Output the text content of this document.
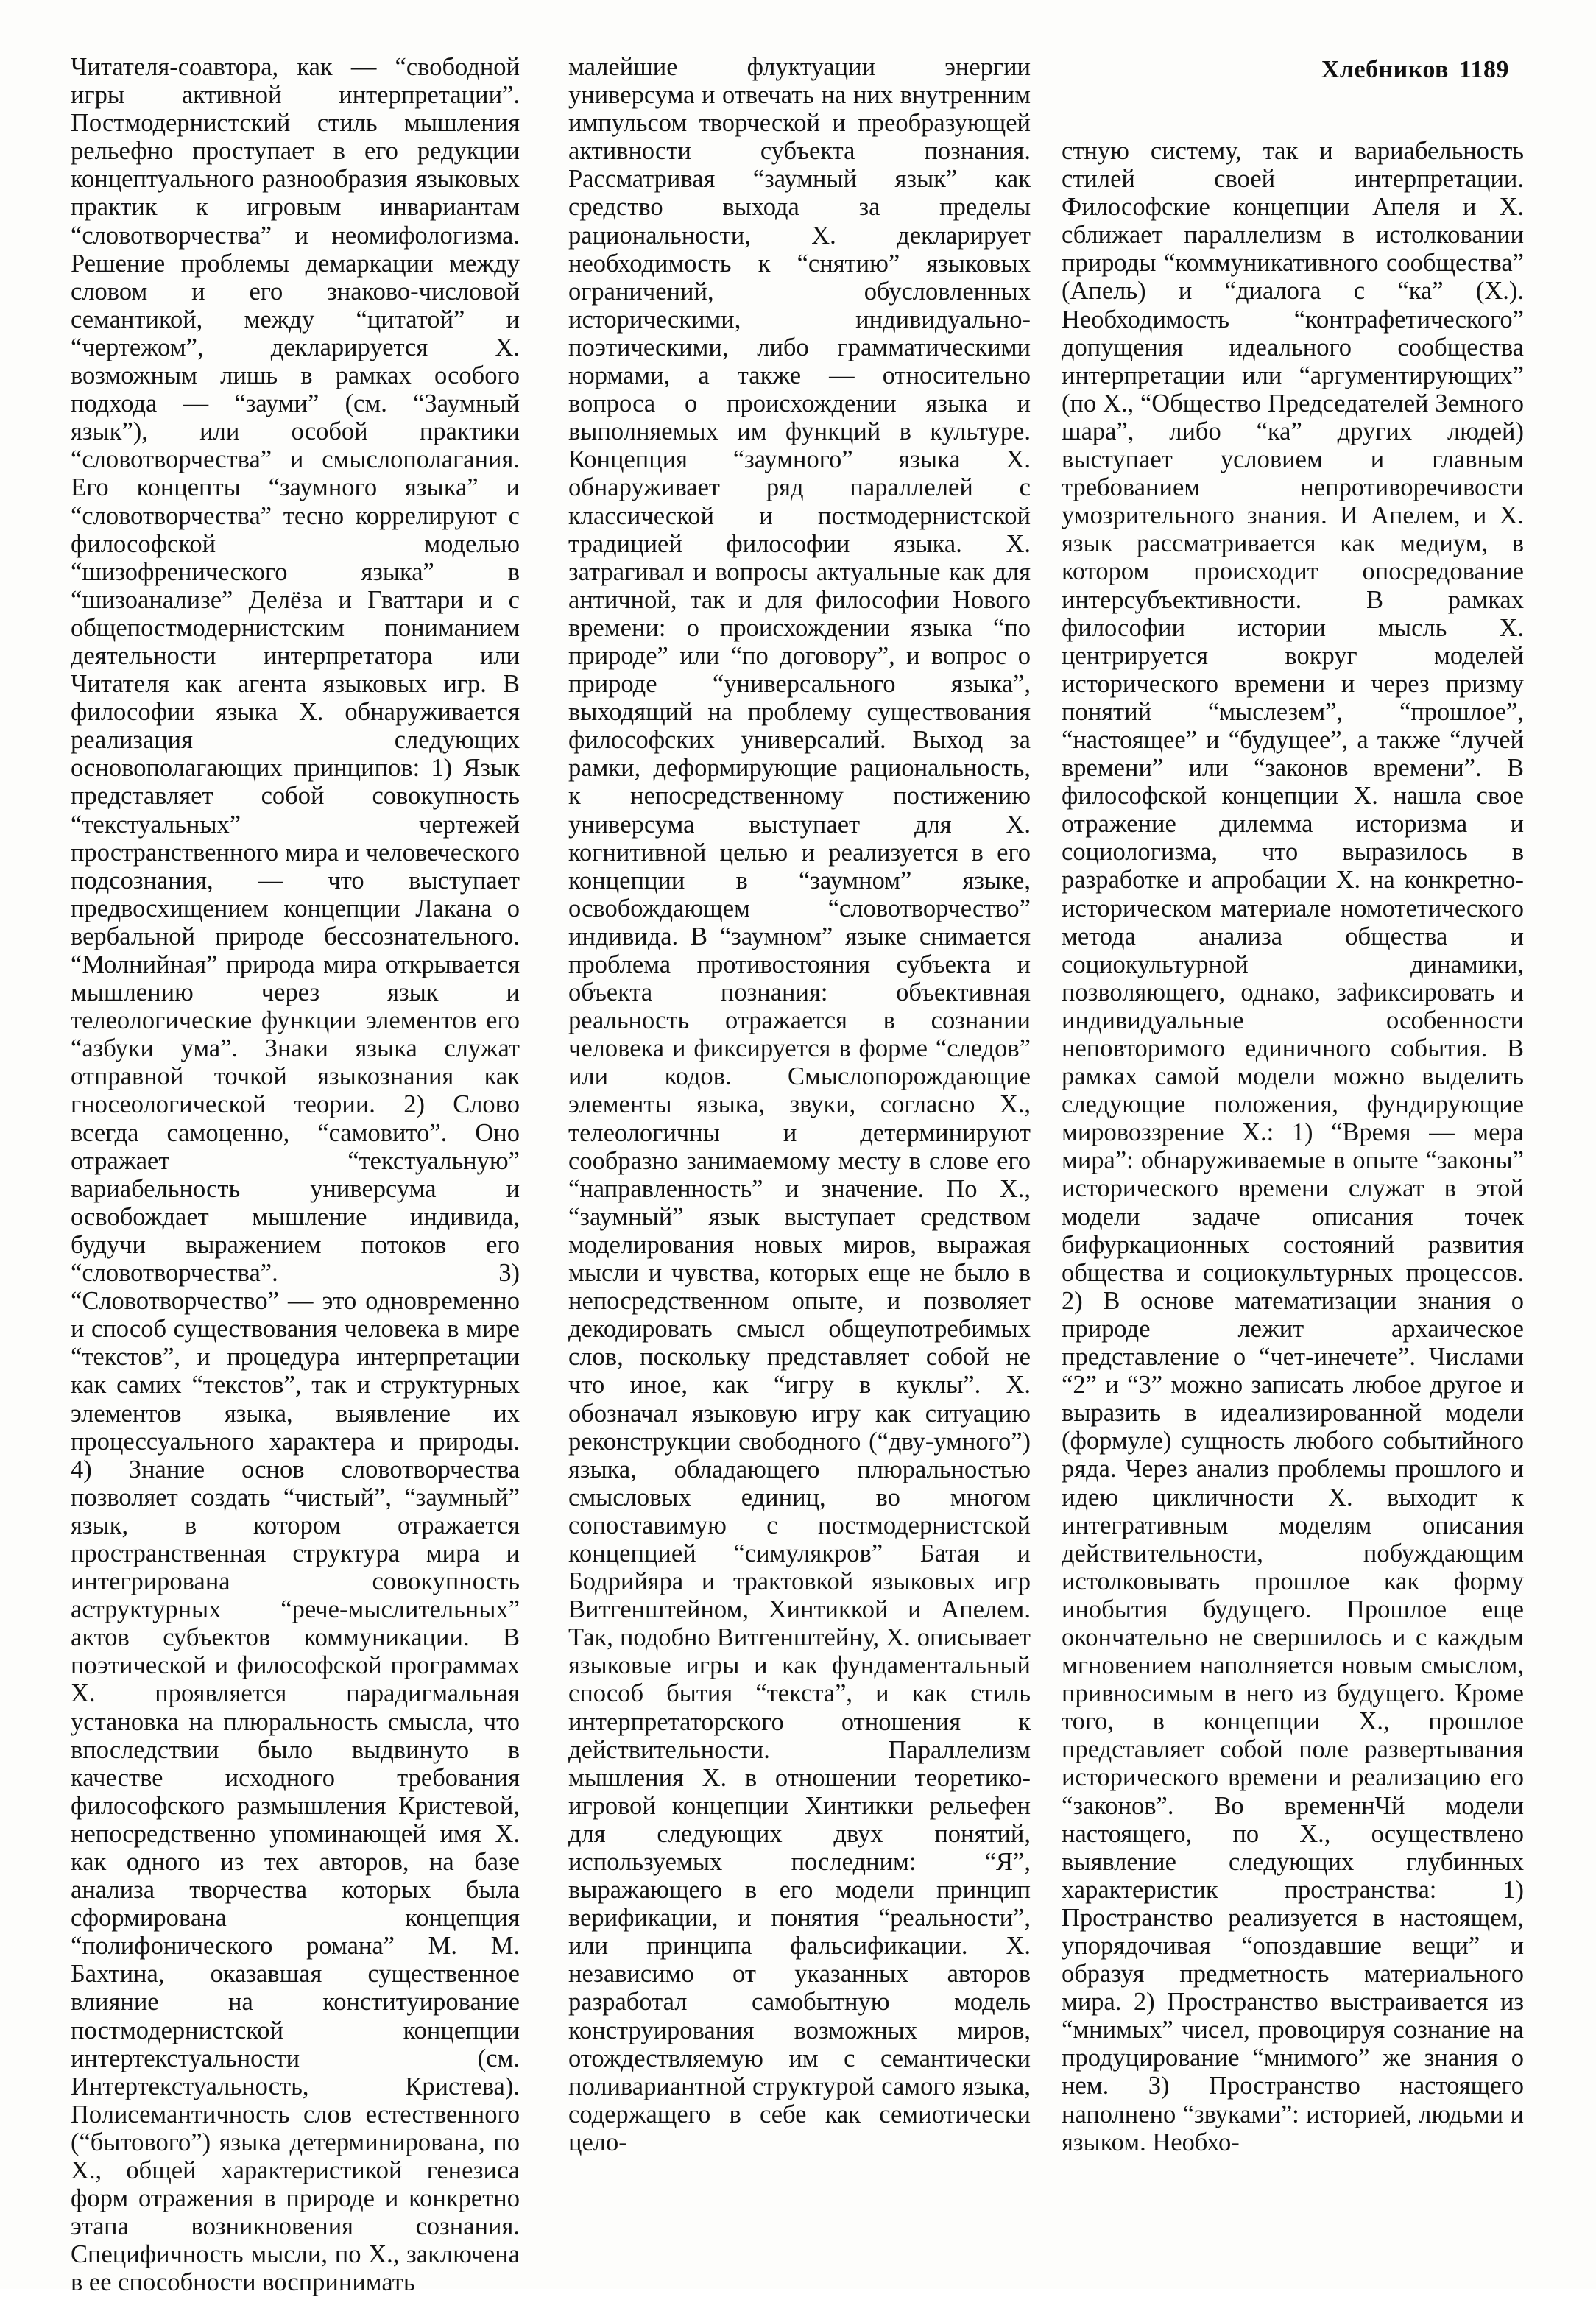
Хлебников 1189

Читателя-соавтора, как — “свободной игры активной интерпретации”. Постмодернистский стиль мышления рельефно проступает в его редукции концептуального разнообразия языковых практик к игровым инвариантам “словотворчества” и неомифологизма. Решение проблемы демаркации между словом и его знаково-числовой семантикой, между “цитатой” и “чертежом”, декларируется Х. возможным лишь в рамках особого подхода — “зауми” (см. “Заумный язык”), или особой практики “словотворчества” и смыслополагания. Его концепты “заумного языка” и “словотворчества” тесно коррелируют с философской моделью “шизофренического языка” в “шизоанализе” Делёза и Гваттари и с общепостмодернистским пониманием деятельности интерпретатора или Читателя как агента языковых игр. В философии языка Х. обнаруживается реализация следующих основополагающих принципов: 1) Язык представляет собой совокупность “текстуальных” чертежей пространственного мира и человеческого подсознания, — что выступает предвосхищением концепции Лакана о вербальной природе бессознательного. “Молнийная” природа мира открывается мышлению через язык и телеологические функции элементов его “азбуки ума”. Знаки языка служат отправной точкой языкознания как гносеологической теории. 2) Слово всегда самоценно, “самовито”. Оно отражает “текстуальную” вариабельность универсума и освобождает мышление индивида, будучи выражением потоков его “словотворчества”. 3) “Словотворчество” — это одновременно и способ существования человека в мире “текстов”, и процедура интерпретации как самих “текстов”, так и структурных элементов языка, выявление их процессуального характера и природы. 4) Знание основ словотворчества позволяет создать “чистый”, “заумный” язык, в котором отражается пространственная структура мира и интегрирована совокупность аструктурных “рече-мыслительных” актов субъектов коммуникации. В поэтической и философской программах Х. проявляется парадигмальная установка на плюральность смысла, что впоследствии было выдвинуто в качестве исходного требования философского размышления Кристевой, непосредственно упоминающей имя Х. как одного из тех авторов, на базе анализа творчества которых была сформирована концепция “полифонического романа” М. М. Бахтина, оказавшая существенное влияние на конституирование постмодернистской концепции интертекстуальности (см. Интертекстуальность, Кристева). Полисемантичность слов естественного (“бытового”) языка детерминирована, по Х., общей характеристикой генезиса форм отражения в природе и конкретно этапа возникновения сознания. Специфичность мысли, по Х., заключена в ее способности воспринимать

малейшие флуктуации энергии универсума и отвечать на них внутренним импульсом творческой и преобразующей активности субъекта познания. Рассматривая “заумный язык” как средство выхода за пределы рациональности, Х. декларирует необходимость к “снятию” языковых ограничений, обусловленных историческими, индивидуально-поэтическими, либо грамматическими нормами, а также — относительно вопроса о происхождении языка и выполняемых им функций в культуре. Концепция “заумного” языка Х. обнаруживает ряд параллелей с классической и постмодернистской традицией философии языка. Х. затрагивал и вопросы актуальные как для античной, так и для философии Нового времени: о происхождении языка “по природе” или “по договору”, и вопрос о природе “универсального языка”, выходящий на проблему существования философских универсалий. Выход за рамки, деформирующие рациональность, к непосредственному постижению универсума выступает для Х. когнитивной целью и реализуется в его концепции в “заумном” языке, освобождающем “словотворчество” индивида. В “заумном” языке снимается проблема противостояния субъекта и объекта познания: объективная реальность отражается в сознании человека и фиксируется в форме “следов” или кодов. Смыслопорождающие элементы языка, звуки, согласно Х., телеологичны и детерминируют сообразно занимаемому месту в слове его “направленность” и значение. По Х., “заумный” язык выступает средством моделирования новых миров, выражая мысли и чувства, которых еще не было в непосредственном опыте, и позволяет декодировать смысл общеупотребимых слов, поскольку представляет собой не что иное, как “игру в куклы”. Х. обозначал языковую игру как ситуацию реконструкции свободного (“дву-умного”) языка, обладающего плюральностью смысловых единиц, во многом сопоставимую с постмодернистской концепцией “симулякров” Батая и Бодрийяра и трактовкой языковых игр Витгенштейном, Хинтиккой и Апелем. Так, подобно Витгенштейну, Х. описывает языковые игры и как фундаментальный способ бытия “текста”, и как стиль интерпретаторского отношения к действительности. Параллелизм мышления Х. в отношении теоретико-игровой концепции Хинтикки рельефен для следующих двух понятий, используемых последним: “Я”, выражающего в его модели принцип верификации, и понятия “реальности”, или принципа фальсификации. Х. независимо от указанных авторов разработал самобытную модель конструирования возможных миров, отождествляемую им с семантически поливариантной структурой самого языка, содержащего в себе как семиотически цело-

стную систему, так и вариабельность стилей своей интерпретации. Философские концепции Апеля и Х. сближает параллелизм в истолковании природы “коммуникативного сообщества” (Апель) и “диалога с “ка” (Х.). Необходимость “контрафетического” допущения идеального сообщества интерпретации или “аргументирующих” (по Х., “Общество Председателей Земного шара”, либо “ка” других людей) выступает условием и главным требованием непротиворечивости умозрительного знания. И Апелем, и Х. язык рассматривается как медиум, в котором происходит опосредование интерсубъективности. В рамках философии истории мысль Х. центрируется вокруг моделей исторического времени и через призму понятий “мыслезем”, “прошлое”, “настоящее” и “будущее”, а также “лучей времени” или “законов времени”. В философской концепции Х. нашла свое отражение дилемма историзма и социологизма, что выразилось в разработке и апробации Х. на конкретно-историческом материале номотетического метода анализа общества и социокультурной динамики, позволяющего, однако, зафиксировать и индивидуальные особенности неповторимого единичного события. В рамках самой модели можно выделить следующие положения, фундирующие мировоззрение Х.: 1) “Время — мера мира”: обнаруживаемые в опыте “законы” исторического времени служат в этой модели задаче описания точек бифуркационных состояний развития общества и социокультурных процессов. 2) В основе математизации знания о природе лежит архаическое представление о “чет-инечете”. Числами “2” и “3” можно записать любое другое и выразить в идеализированной модели (формуле) сущность любого событийного ряда. Через анализ проблемы прошлого и идею цикличности Х. выходит к интегративным моделям описания действительности, побуждающим истолковывать прошлое как форму инобытия будущего. Прошлое еще окончательно не свершилось и с каждым мгновением наполняется новым смыслом, привносимым в него из будущего. Кроме того, в концепции Х., прошлое представляет собой поле развертывания исторического времени и реализацию его “законов”. Во временнЧй модели настоящего, по Х., осуществлено выявление следующих глубинных характеристик пространства: 1) Пространство реализуется в настоящем, упорядочивая “опоздавшие вещи” и образуя предметность материального мира. 2) Пространство выстраивается из “мнимых” чисел, провоцируя сознание на продуцирование “мнимого” же знания о нем. 3) Пространство настоящего наполнено “звуками”: историей, людьми и языком. Необхо-
